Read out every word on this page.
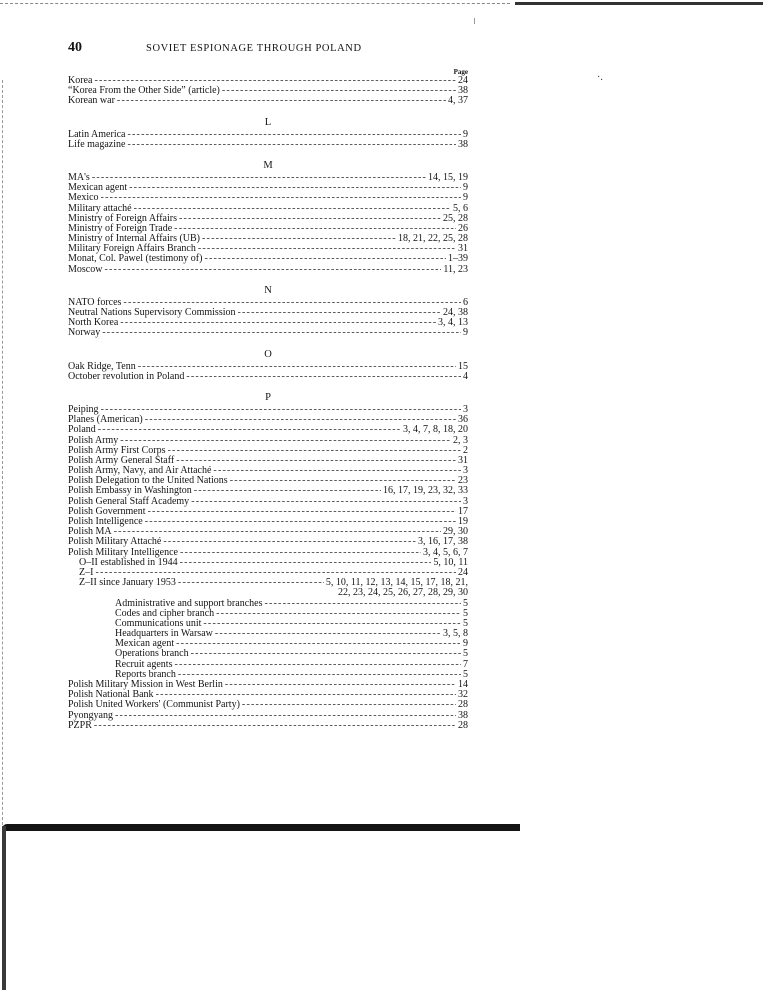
·.
40	SOVIET ESPIONAGE THROUGH POLAND
Page
Korea -----	24
“Korea From the Other Side” (article) -----	38
Korean war -----	4, 37
L
Latin America -----	9
Life magazine -----	38
M
MA's -----	14, 15, 19
Mexican agent -----	9
Mexico -----	9
Military attaché -----	5, 6
Ministry of Foreign Affairs -----	25, 28
Ministry of Foreign Trade -----	26
Ministry of Internal Affairs (UB) -----	18, 21, 22, 25, 28
Military Foreign Affairs Branch -----	31
Monat, Col. Pawel (testimony of) -----	1–39
Moscow -----	11, 23
N
NATO forces -----	6
Neutral Nations Supervisory Commission -----	24, 38
North Korea -----	3, 4, 13
Norway -----	9
O
Oak Ridge, Tenn -----	15
October revolution in Poland -----	4
P
Peiping -----	3
Planes (American) -----	36
Poland -----	3, 4, 7, 8, 18, 20
Polish Army -----	2, 3
Polish Army First Corps -----	2
Polish Army General Staff -----	31
Polish Army, Navy, and Air Attaché -----	3
Polish Delegation to the United Nations -----	23
Polish Embassy in Washington -----	16, 17, 19, 23, 32, 33
Polish General Staff Academy -----	3
Polish Government -----	17
Polish Intelligence -----	19
Polish MA -----	29, 30
Polish Military Attaché -----	3, 16, 17, 38
Polish Military Intelligence -----	3, 4, 5, 6, 7
O–II established in 1944 -----	5, 10, 11
Z–I -----	24
Z–II since January 1953 -----	5, 10, 11, 12, 13, 14, 15, 17, 18, 21,
22, 23, 24, 25, 26, 27, 28, 29, 30
Administrative and support branches -----	5
Codes and cipher branch -----	5
Communications unit -----	5
Headquarters in Warsaw -----	3, 5, 8
Mexican agent -----	9
Operations branch -----	5
Recruit agents -----	7
Reports branch -----	5
Polish Military Mission in West Berlin -----	14
Polish National Bank -----	32
Polish United Workers' (Communist Party) -----	28
Pyongyang -----	38
PZPR -----	28
